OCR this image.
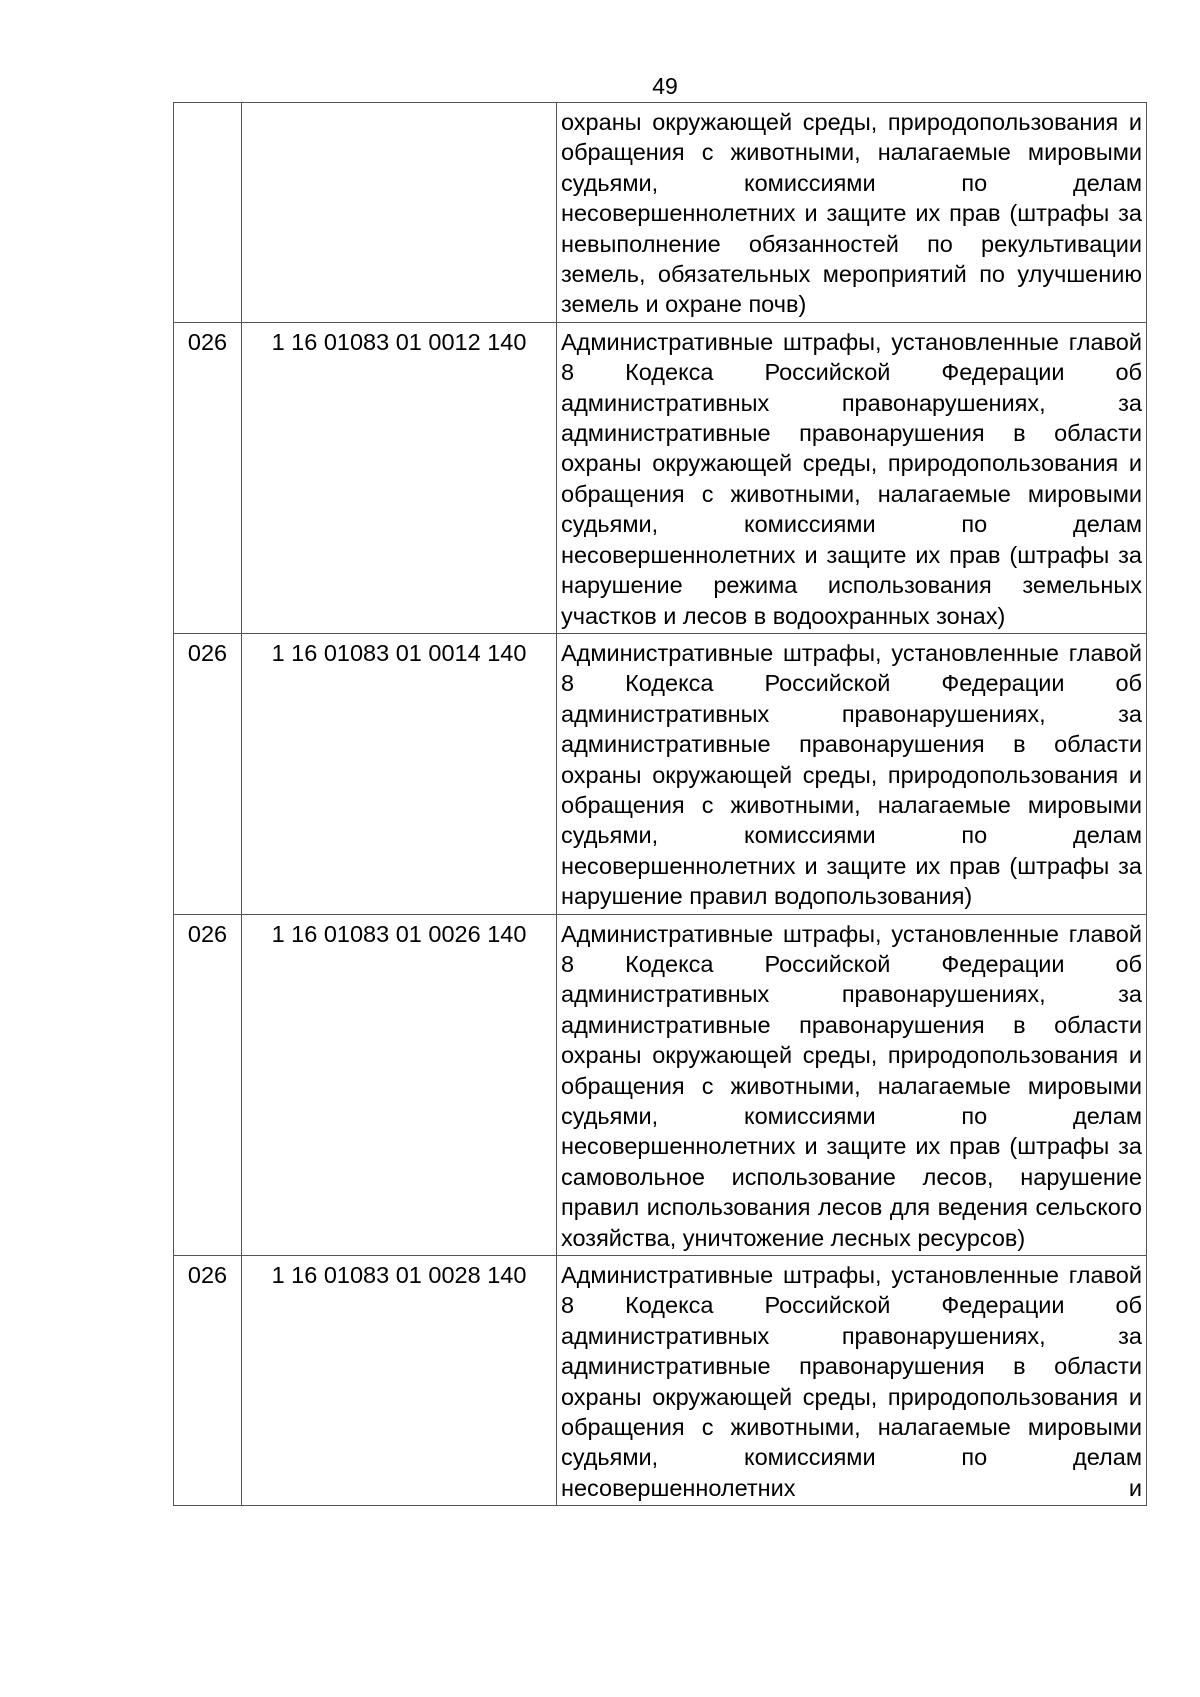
49
		охраны окружающей среды, природопользования и обращения с животными, налагаемые мировыми судьями, комиссиями по делам несовершеннолетних и защите их прав (штрафы за невыполнение обязанностей по рекультивации земель, обязательных мероприятий по улучшению земель и охране почв)
026	1 16 01083 01 0012 140	Административные штрафы, установленные главой 8 Кодекса Российской Федерации об административных правонарушениях, за административные правонарушения в области охраны окружающей среды, природопользования и обращения с животными, налагаемые мировыми судьями, комиссиями по делам несовершеннолетних и защите их прав (штрафы за нарушение режима использования земельных участков и лесов в водоохранных зонах)
026	1 16 01083 01 0014 140	Административные штрафы, установленные главой 8 Кодекса Российской Федерации об административных правонарушениях, за административные правонарушения в области охраны окружающей среды, природопользования и обращения с животными, налагаемые мировыми судьями, комиссиями по делам несовершеннолетних и защите их прав (штрафы за нарушение правил водопользования)
026	1 16 01083 01 0026 140	Административные штрафы, установленные главой 8 Кодекса Российской Федерации об административных правонарушениях, за административные правонарушения в области охраны окружающей среды, природопользования и обращения с животными, налагаемые мировыми судьями, комиссиями по делам несовершеннолетних и защите их прав (штрафы за самовольное использование лесов, нарушение правил использования лесов для ведения сельского хозяйства, уничтожение лесных ресурсов)
026	1 16 01083 01 0028 140	Административные штрафы, установленные главой 8 Кодекса Российской Федерации об административных правонарушениях, за административные правонарушения в области охраны окружающей среды, природопользования и обращения с животными, налагаемые мировыми судьями, комиссиями по делам несовершеннолетних и
